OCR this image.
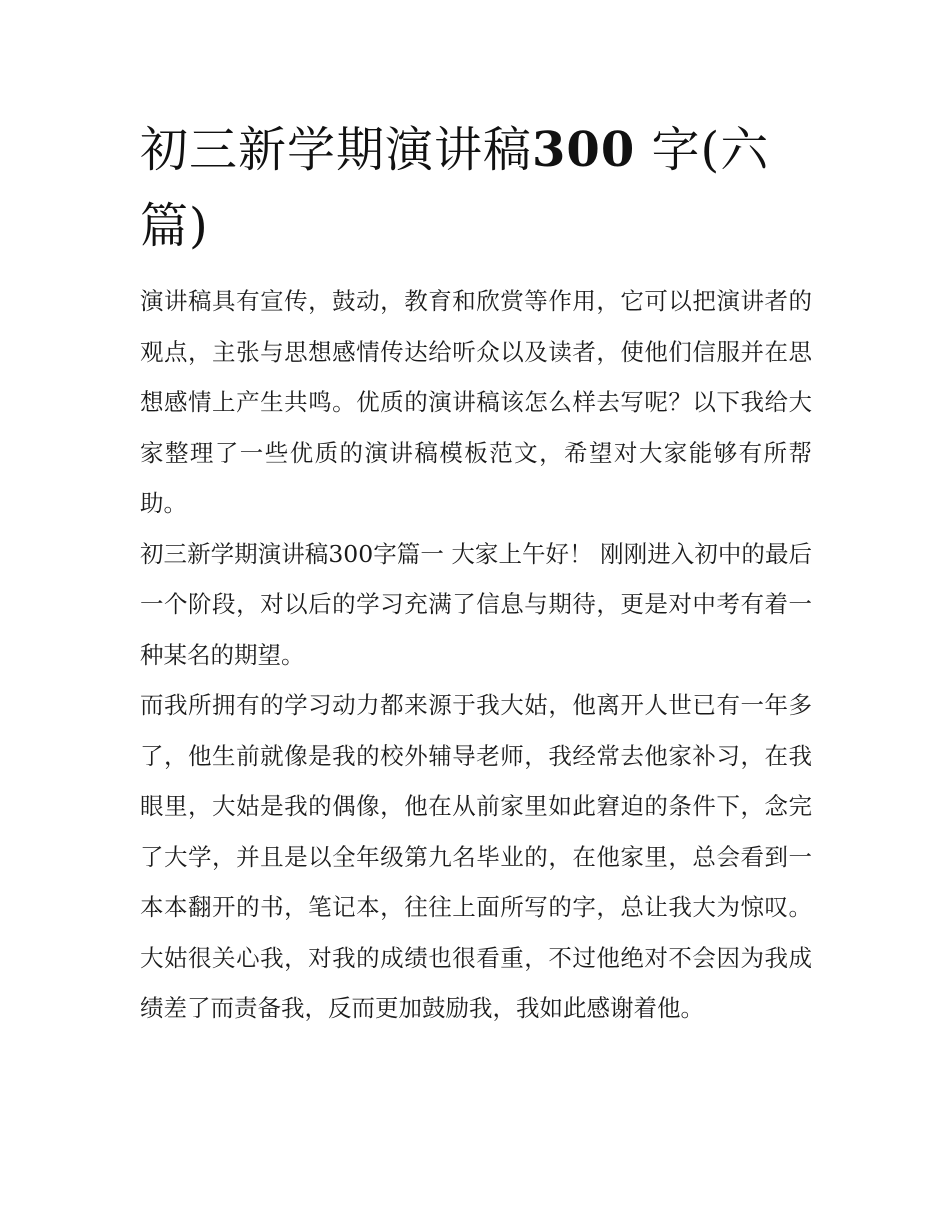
初三新学期演讲稿300 字(六篇)

演讲稿具有宣传，鼓动，教育和欣赏等作用，它可以把演讲者的观点，主张与思想感情传达给听众以及读者，使他们信服并在思想感情上产生共鸣。优质的演讲稿该怎么样去写呢？以下我给大家整理了一些优质的演讲稿模板范文，希望对大家能够有所帮助。

初三新学期演讲稿300字篇一 大家上午好！ 刚刚进入初中的最后一个阶段，对以后的学习充满了信息与期待，更是对中考有着一种某名的期望。

而我所拥有的学习动力都来源于我大姑，他离开人世已有一年多了，他生前就像是我的校外辅导老师，我经常去他家补习，在我眼里，大姑是我的偶像，他在从前家里如此窘迫的条件下，念完了大学，并且是以全年级第九名毕业的，在他家里，总会看到一本本翻开的书，笔记本，往往上面所写的字，总让我大为惊叹。大姑很关心我，对我的成绩也很看重，不过他绝对不会因为我成绩差了而责备我，反而更加鼓励我，我如此感谢着他。
